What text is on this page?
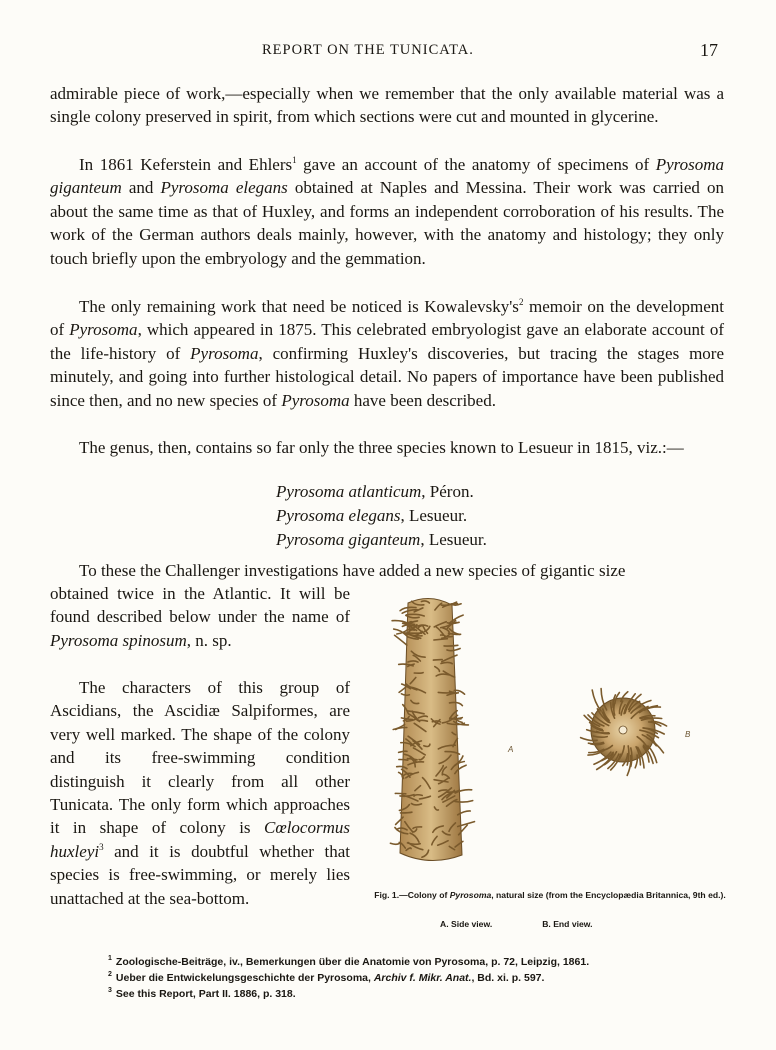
REPORT ON THE TUNICATA.	17

admirable piece of work,—especially when we remember that the only available material was a single colony preserved in spirit, from which sections were cut and mounted in glycerine.

In 1861 Keferstein and Ehlers$^1$ gave an account of the anatomy of specimens of Pyrosoma giganteum and Pyrosoma elegans obtained at Naples and Messina. Their work was carried on about the same time as that of Huxley, and forms an independent corroboration of his results. The work of the German authors deals mainly, however, with the anatomy and histology; they only touch briefly upon the embryology and the gemmation.

The only remaining work that need be noticed is $Kowalevsky's^2$ memoir on the development of Pyrosoma, which appeared in 1875. This celebrated embryologist gave an elaborate account of the life-history of Pyrosoma, confirming Huxley's discoveries, but tracing the stages more minutely, and going into further histological detail. No papers of importance have been published since then, and no new species of Pyrosoma have been described.

The genus, then, contains so far only the three species known to Lesueur in 1815, viz.:—

Pyrosoma atlanticum, Péron.
Pyrosoma elegans, Lesueur.
Pyrosoma giganteum, Lesueur.

To these the Challenger investigations have added a new species of gigantic size

obtained twice in the Atlantic. It will be found described below under the name of Pyrosoma spinosum, n. sp.

The characters of this group of Ascidians, the Ascidiæ Salpiformes, are very well marked. The shape of the colony and its free-swimming condition distinguish it clearly from all other Tunicata. The only form which approaches it in shape of colony is Cœlocormus huxleyi$^3$ and it is doubtful whether that species is free-swimming, or merely lies unattached at the sea-bottom.

A
B
Fig. 1.—Colony of Pyrosoma, natural size (from the Encyclopædia Britannica, 9th ed.).
A. Side view.	B. End view.
$^1$ Zoologische-Beiträge, iv., Bemerkungen über die Anatomie von Pyrosoma, p. 72, Leipzig, 1861.
$^2$ Ueber die Entwickelungsgeschichte der Pyrosoma, Archiv f. Mikr. Anat., Bd. xi. p. 597.
$^3$ See this Report, Part II. 1886, p. 318.
